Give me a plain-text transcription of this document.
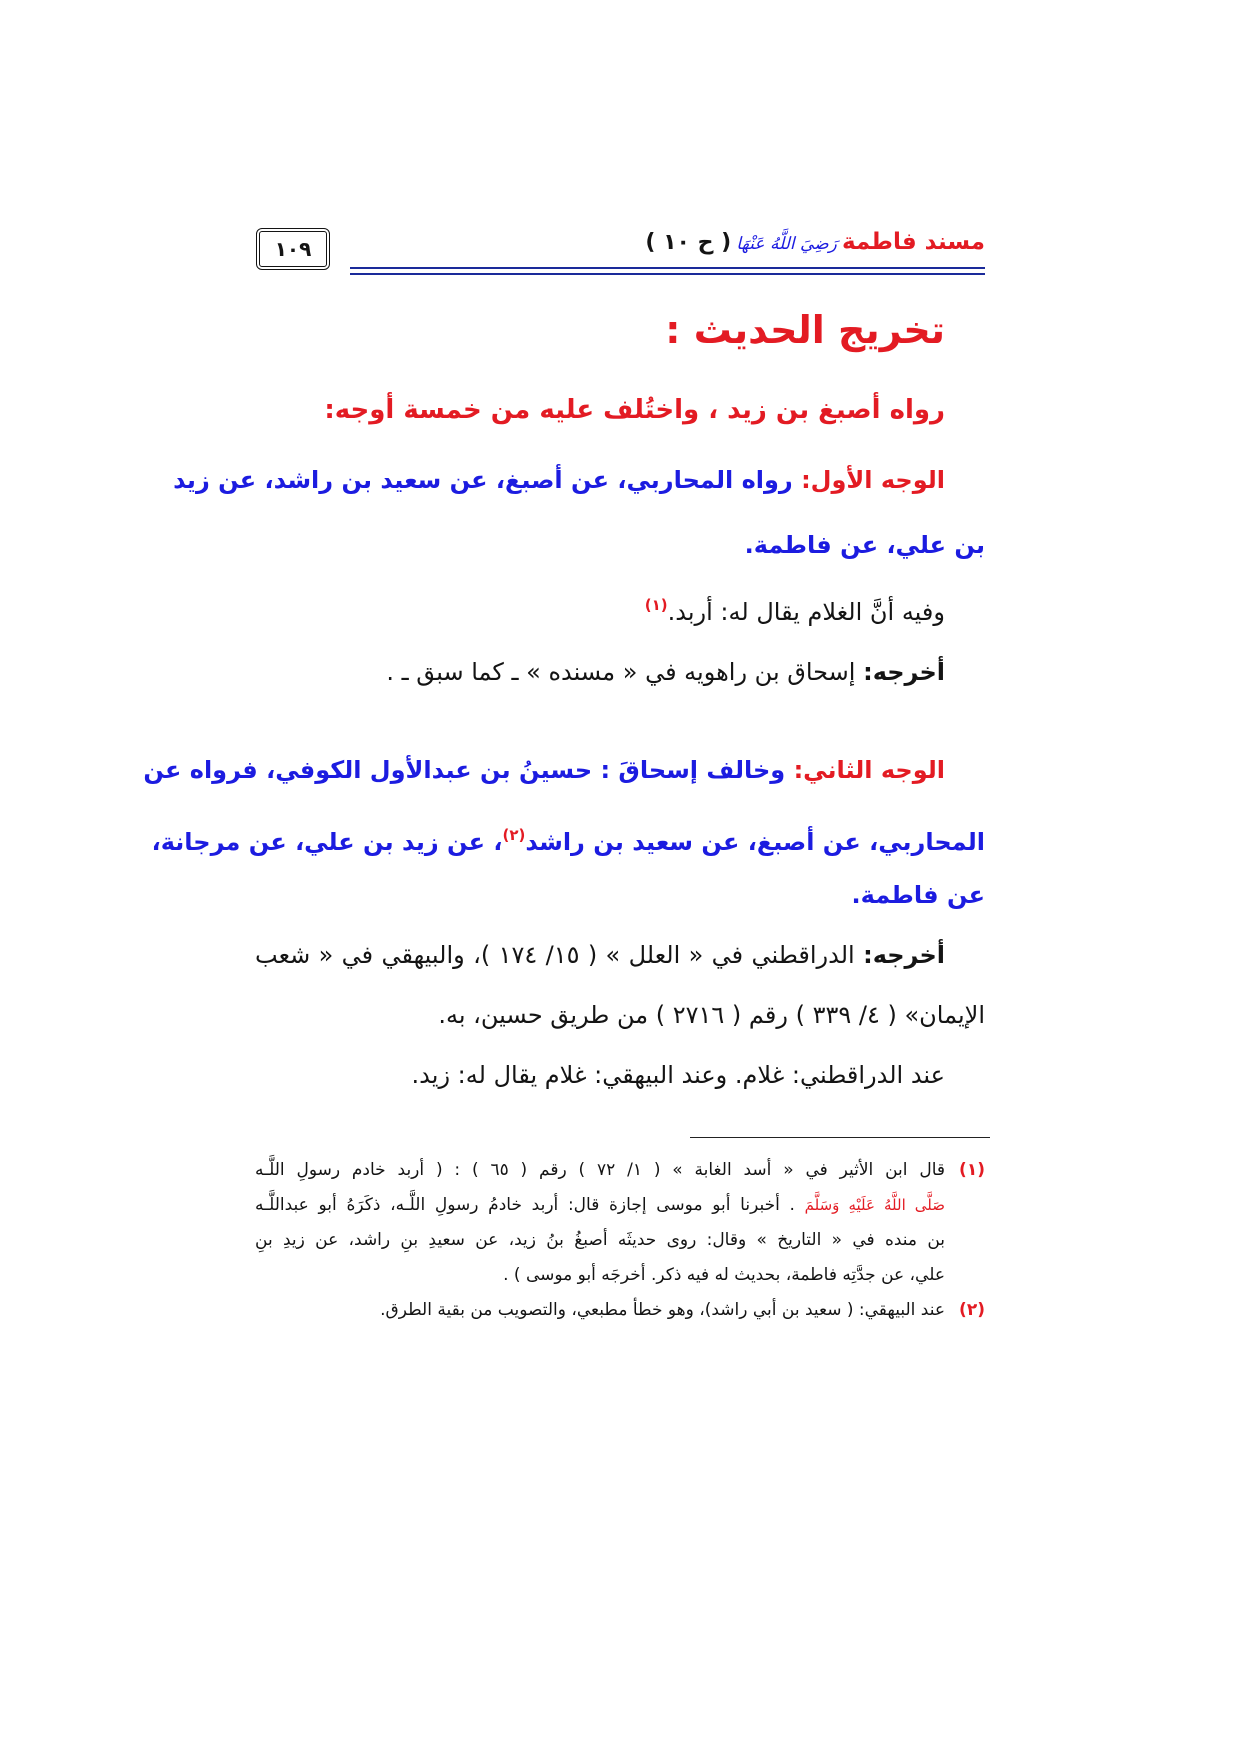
مسند فاطمة رَضِيَ اللَّهُ عَنْهَا ( ح ١٠ )
١٠٩
تخريج الحديث :
رواه أصبغ بن زيد ، واختُلف عليه من خمسة أوجه:
الوجه الأول: رواه المحاربي، عن أصبغ، عن سعيد بن راشد، عن زيد
بن علي، عن فاطمة.
وفيه أنَّ الغلام يقال له: أربد.$^{(١)}$
أخرجه: إسحاق بن راهويه في « مسنده » ـ كما سبق ـ .
الوجه الثاني: وخالف إسحاقَ : حسينُ بن عبدالأول الكوفي، فرواه عن
المحاربي، عن أصبغ، عن سعيد بن راشد$^{(٢)}$، عن زيد بن علي، عن مرجانة،
عن فاطمة.
أخرجه: الدراقطني في « العلل » ( ١٥/ ١٧٤ )، والبيهقي في « شعب
الإيمان» ( ٤/ ٣٣٩ ) رقم ( ٢٧١٦ ) من طريق حسين، به.
عند الدراقطني: غلام. وعند البيهقي: غلام يقال له: زيد.
(١)
قال ابن الأثير في « أسد الغابة » ( ١/ ٧٢ ) رقم ( ٦٥ ) : ( أربد خادم رسولِ اللَّـه
صَلَّى اللَّهُ عَلَيْهِ وَسَلَّمَ . أخبرنا أبو موسى إجازة قال: أربد خادمُ رسولِ اللَّـه، ذكَرَهُ أبو عبداللَّـه
بن منده في « التاريخ » وقال: روى حديثَه أصبغُ بنُ زيد، عن سعيدِ بنِ راشد، عن زيدِ بنِ
علي، عن جدَّتِه فاطمة، بحديث له فيه ذكر. أخرجَه أبو موسى ) .
(٢)
عند البيهقي: ( سعيد بن أبي راشد)، وهو خطأ مطبعي، والتصويب من بقية الطرق.
